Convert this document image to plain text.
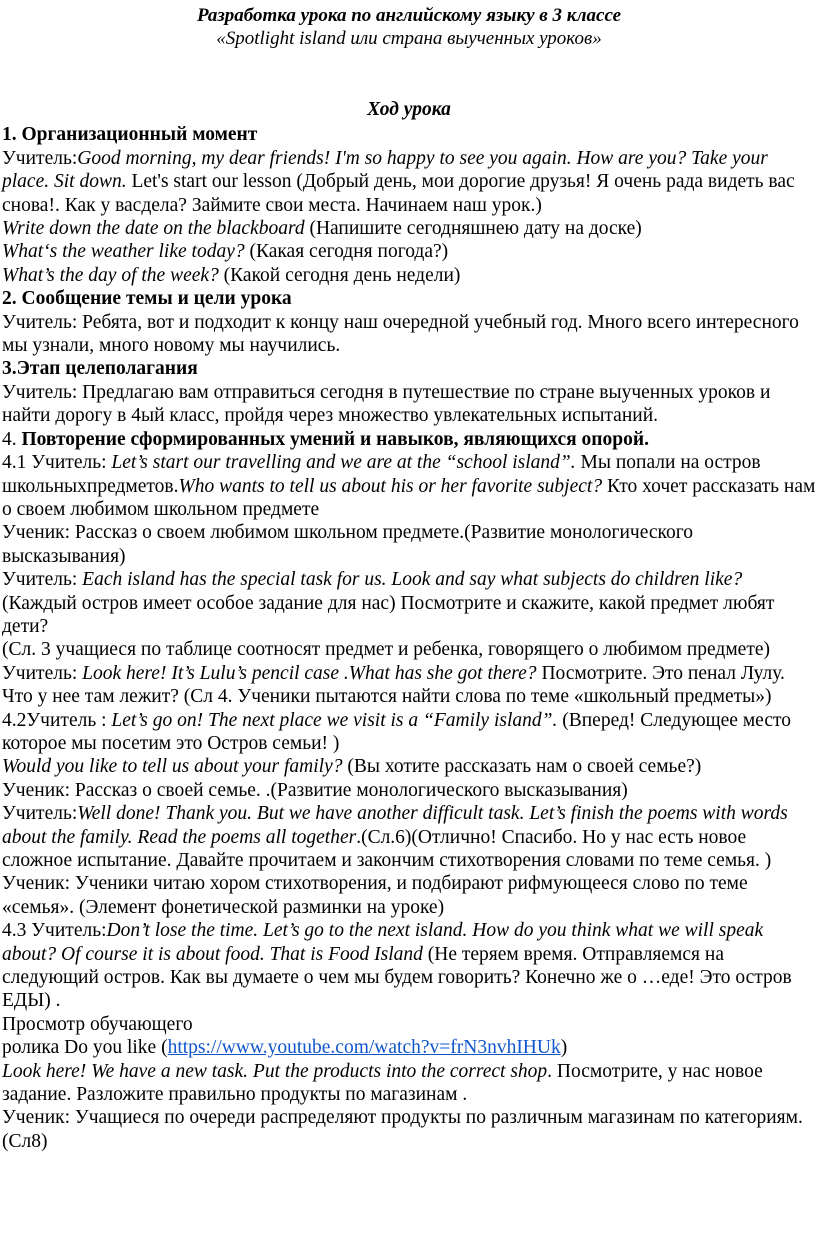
Разработка урока по английскому языку в 3 классе
«Spotlight island или страна выученных уроков»
Ход урока

1. Организационный момент

Учитель:Good morning, my dear friends! I'm so happy to see you again. How are you? Take your place. Sit down. Let's start our lesson (Добрый день, мои дорогие друзья! Я очень рада видеть вас снова!. Как у васдела? Займите свои места. Начинаем наш урок.)

Write down the date on the blackboard (Напишите сегодняшнею дату на доске)

What‘s the weather like today? (Какая сегодня погода?)

What’s the day of the week? (Какой сегодня день недели)

2. Сообщение темы и цели урока

Учитель: Ребята, вот и подходит к концу наш очередной учебный год. Много всего интересного мы узнали, много новому мы научились.

3.Этап целеполагания

Учитель: Предлагаю вам отправиться сегодня в путешествие по стране выученных уроков и найти дорогу в 4ый класс, пройдя через множество увлекательных испытаний.

4. Повторение сформированных умений и навыков, являющихся опорой.

4.1 Учитель: Let’s start our travelling and we are at the “school island”. Мы попали на остров школьныхпредметов.Who wants to tell us about his or her favorite subject? Кто хочет рассказать нам о своем любимом школьном предмете

Ученик: Рассказ о своем любимом школьном предмете.(Развитие монологического высказывания)

Учитель: Each island has the special task for us. Look and say what subjects do children like? (Каждый остров имеет особое задание для нас) Посмотрите и скажите, какой предмет любят дети?

(Сл. 3 учащиеся по таблице соотносят предмет и ребенка, говорящего о любимом предмете)

Учитель: Look here! It’s Lulu’s pencil case .What has she got there? Посмотрите. Это пенал Лулу. Что у нее там лежит? (Сл 4. Ученики пытаются найти слова по теме «школьный предметы»)

4.2Учитель : Let’s go on! The next place we visit is a “Family island”. (Вперед! Следующее место которое мы посетим это Остров семьи! )

Would you like to tell us about your family? (Вы хотите рассказать нам о своей семье?)

Ученик: Рассказ о своей семье. .(Развитие монологического высказывания)

Учитель:Well done! Thank you. But we have another difficult task. Let’s finish the poems with words about the family. Read the poems all together.(Сл.6)(Отлично! Спасибо. Но у нас есть новое сложное испытание. Давайте прочитаем и закончим стихотворения словами по теме семья. )

Ученик: Ученики читаю хором стихотворения, и подбирают рифмующееся слово по теме «семья». (Элемент фонетической разминки на уроке)

4.3 Учитель:Don’t lose the time. Let’s go to the next island. How do you think what we will speak about? Of course it is about food. That is Food Island (Не теряем время. Отправляемся на следующий остров. Как вы думаете о чем мы будем говорить? Конечно же о …еде! Это остров ЕДЫ) .

Просмотр обучающего

ролика Do you like (https://www.youtube.com/watch?v=frN3nvhIHUk)

Look here! We have a new task. Put the products into the correct shop. Посмотрите, у нас новое задание. Разложите правильно продукты по магазинам .

Ученик: Учащиеся по очереди распределяют продукты по различным магазинам по категориям. (Сл8)
